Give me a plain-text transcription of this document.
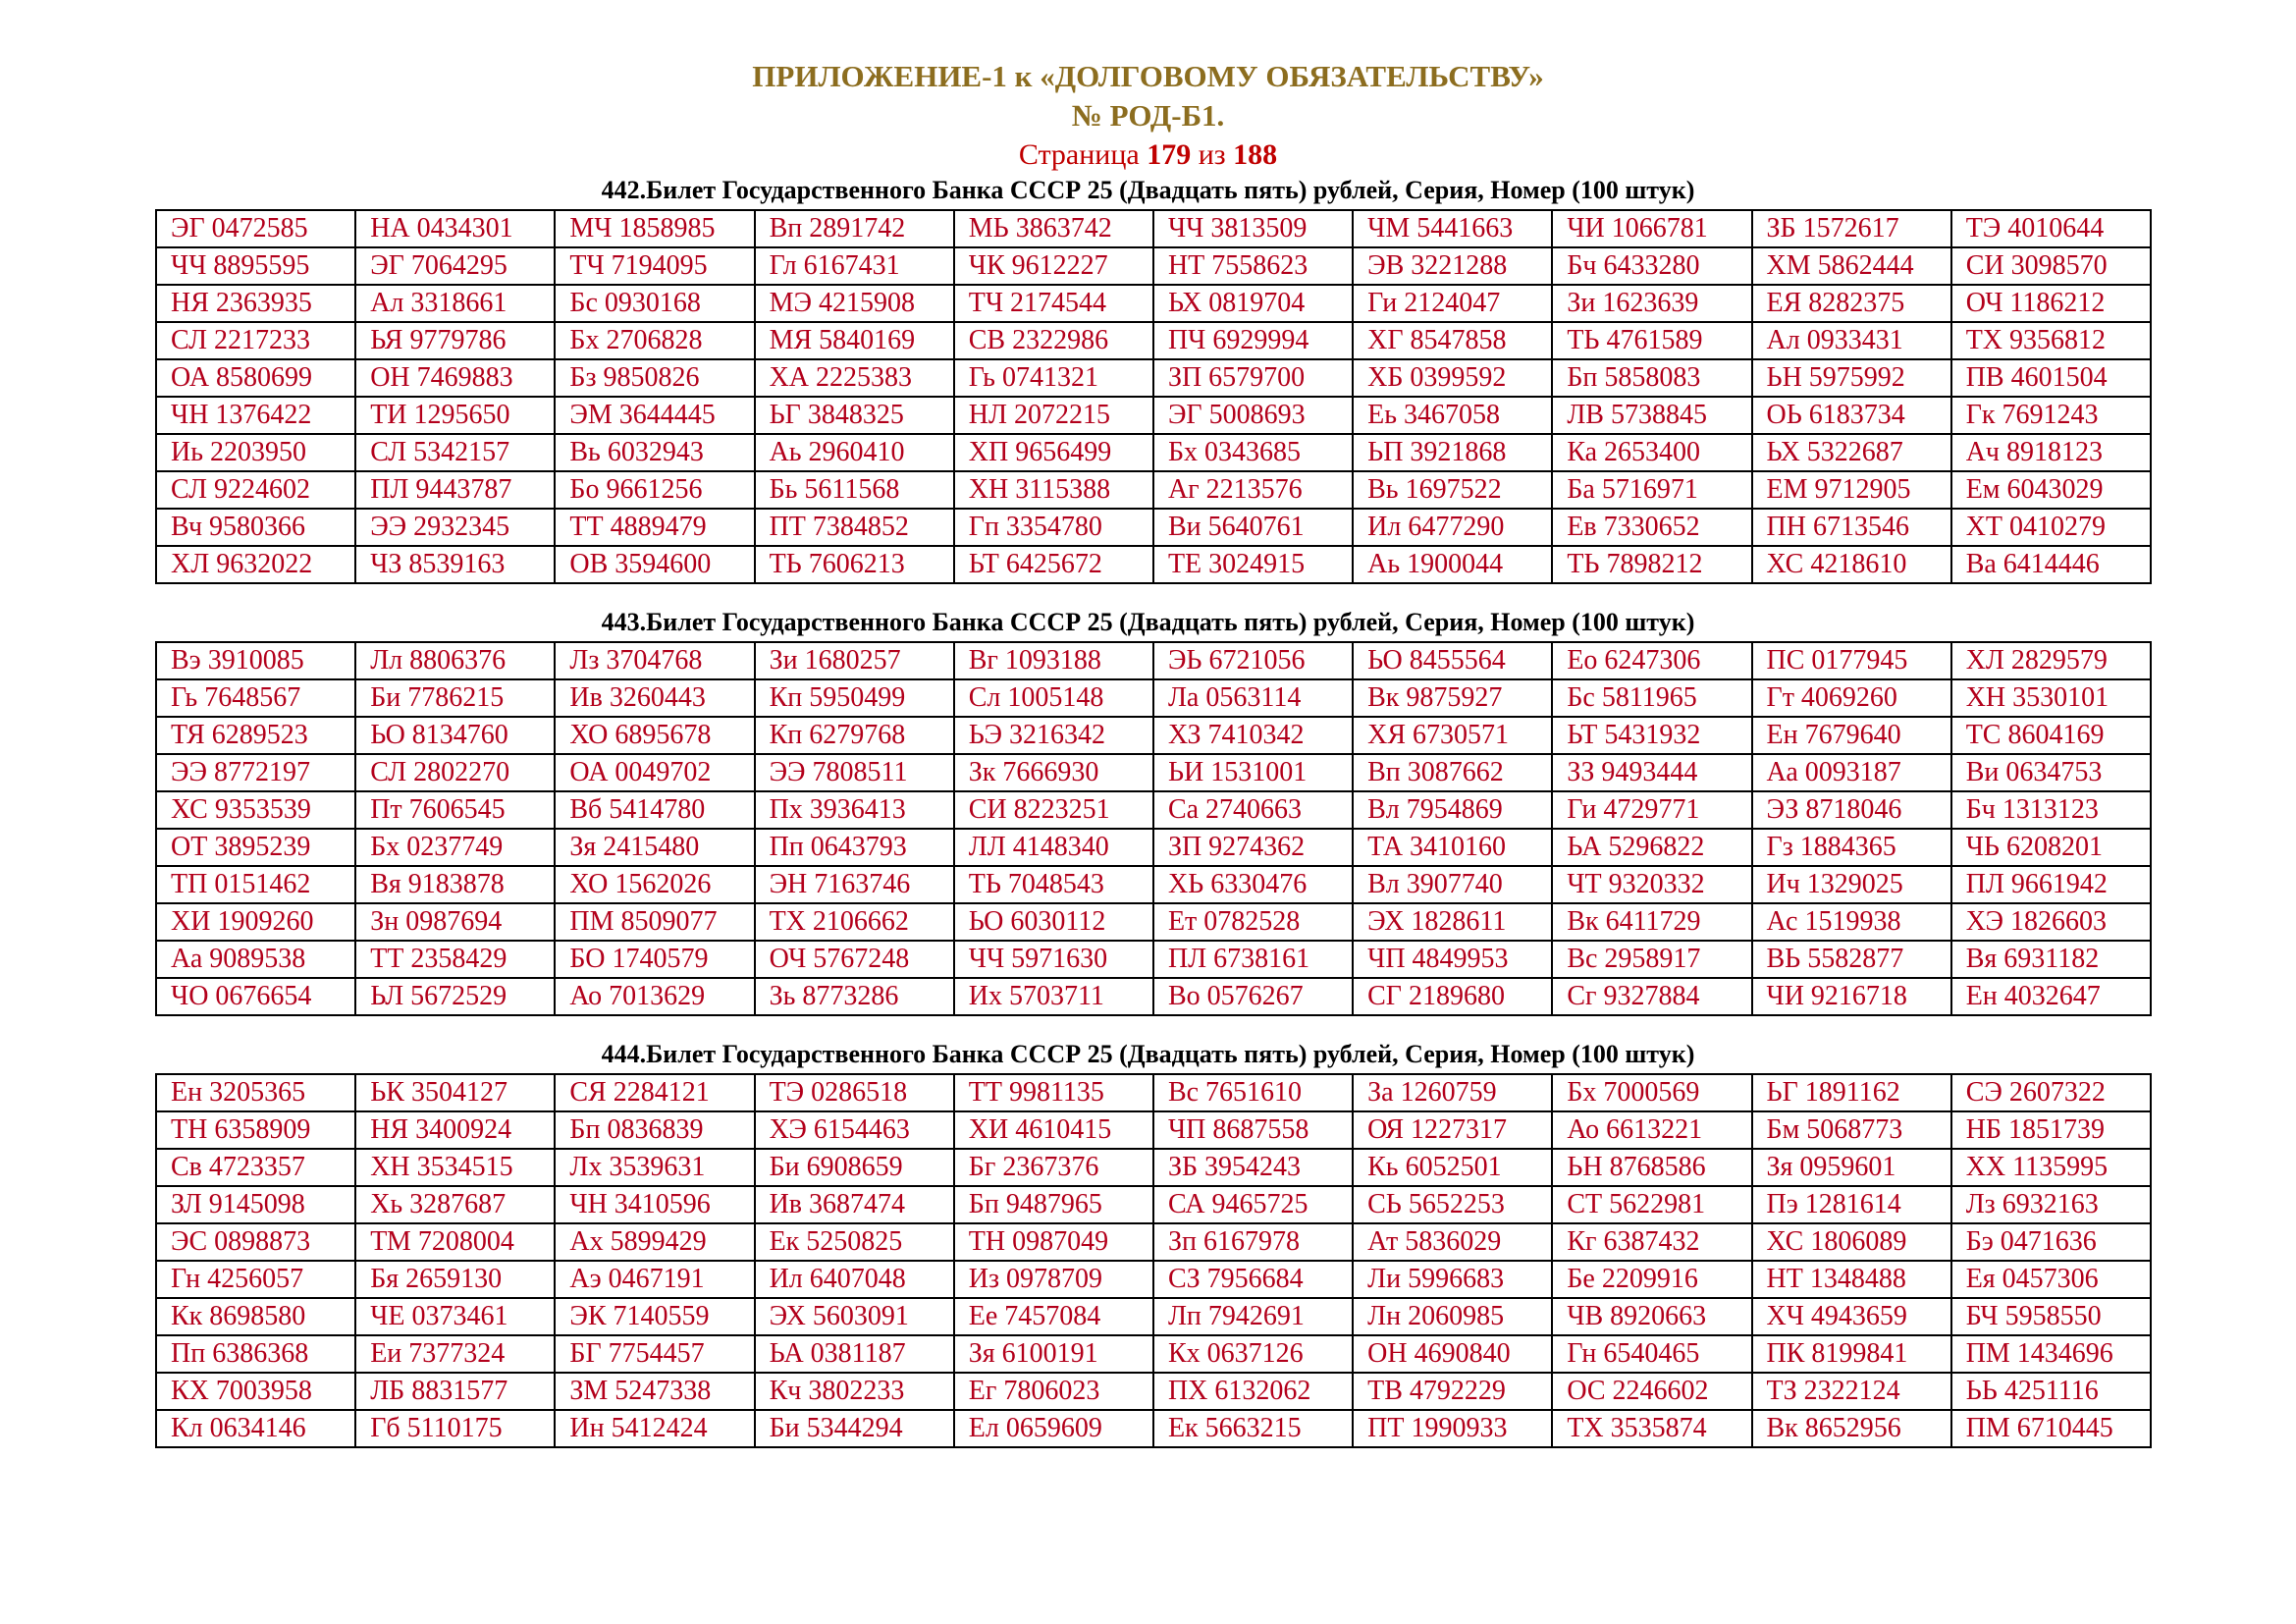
ПРИЛОЖЕНИЕ-1 к «ДОЛГОВОМУ ОБЯЗАТЕЛЬСТВУ»
№ РОД-Б1.
Страница 179 из 188
442.Билет Государственного Банка СССР 25 (Двадцать пять) рублей, Серия, Номер (100 штук)
ЭГ 0472585	НА 0434301	МЧ 1858985	Вп 2891742	МЬ 3863742	ЧЧ 3813509	ЧМ 5441663	ЧИ 1066781	ЗБ 1572617	ТЭ 4010644
ЧЧ 8895595	ЭГ 7064295	ТЧ 7194095	Гл 6167431	ЧК 9612227	НТ 7558623	ЭВ 3221288	Бч 6433280	ХМ 5862444	СИ 3098570
НЯ 2363935	Ал 3318661	Бс 0930168	МЭ 4215908	ТЧ 2174544	ЬХ 0819704	Ги 2124047	Зи 1623639	ЕЯ 8282375	ОЧ 1186212
СЛ 2217233	ЬЯ 9779786	Бх 2706828	МЯ 5840169	СВ 2322986	ПЧ 6929994	ХГ 8547858	ТЬ 4761589	Ал 0933431	ТХ 9356812
ОА 8580699	ОН 7469883	Бз 9850826	ХА 2225383	Гь 0741321	ЗП 6579700	ХБ 0399592	Бп 5858083	ЬН 5975992	ПВ 4601504
ЧН 1376422	ТИ 1295650	ЭМ 3644445	ЬГ 3848325	НЛ 2072215	ЭГ 5008693	Еь 3467058	ЛВ 5738845	ОЬ 6183734	Гк 7691243
Иь 2203950	СЛ 5342157	Вь 6032943	Аь 2960410	ХП 9656499	Бх 0343685	ЬП 3921868	Ка 2653400	ЬХ 5322687	Ач 8918123
СЛ 9224602	ПЛ 9443787	Бо 9661256	Бь 5611568	ХН 3115388	Аг 2213576	Вь 1697522	Ба 5716971	ЕМ 9712905	Ем 6043029
Вч 9580366	ЭЭ 2932345	ТТ 4889479	ПТ 7384852	Гп 3354780	Ви 5640761	Ил 6477290	Ев 7330652	ПН 6713546	ХТ 0410279
ХЛ 9632022	ЧЗ 8539163	ОВ 3594600	ТЬ 7606213	ЬТ 6425672	ТЕ 3024915	Аь 1900044	ТЬ 7898212	ХС 4218610	Ва 6414446
443.Билет Государственного Банка СССР 25 (Двадцать пять) рублей, Серия, Номер (100 штук)
Вэ 3910085	Лл 8806376	Лз 3704768	Зи 1680257	Вг 1093188	ЭЬ 6721056	ЬО 8455564	Ео 6247306	ПС 0177945	ХЛ 2829579
Гь 7648567	Би 7786215	Ив 3260443	Кп 5950499	Сл 1005148	Ла 0563114	Вк 9875927	Бс 5811965	Гт 4069260	ХН 3530101
ТЯ 6289523	ЬО 8134760	ХО 6895678	Кп 6279768	ЬЭ 3216342	ХЗ 7410342	ХЯ 6730571	ЬТ 5431932	Ен 7679640	ТС 8604169
ЭЭ 8772197	СЛ 2802270	ОА 0049702	ЭЭ 7808511	Зк 7666930	ЬИ 1531001	Вп 3087662	ЗЗ 9493444	Аа 0093187	Ви 0634753
ХС 9353539	Пт 7606545	Вб 5414780	Пх 3936413	СИ 8223251	Са 2740663	Вл 7954869	Ги 4729771	ЭЗ 8718046	Бч 1313123
ОТ 3895239	Бх 0237749	Зя 2415480	Пп 0643793	ЛЛ 4148340	ЗП 9274362	ТА 3410160	ЬА 5296822	Гз 1884365	ЧЬ 6208201
ТП 0151462	Вя 9183878	ХО 1562026	ЭН 7163746	ТЬ 7048543	ХЬ 6330476	Вл 3907740	ЧТ 9320332	Ич 1329025	ПЛ 9661942
ХИ 1909260	Зн 0987694	ПМ 8509077	ТХ 2106662	ЬО 6030112	Ет 0782528	ЭХ 1828611	Вк 6411729	Ас 1519938	ХЭ 1826603
Аа 9089538	ТТ 2358429	БО 1740579	ОЧ 5767248	ЧЧ 5971630	ПЛ 6738161	ЧП 4849953	Вс 2958917	ВЬ 5582877	Вя 6931182
ЧО 0676654	ЬЛ 5672529	Ао 7013629	Зь 8773286	Их 5703711	Во 0576267	СГ 2189680	Сг 9327884	ЧИ 9216718	Ен 4032647
444.Билет Государственного Банка СССР 25 (Двадцать пять) рублей, Серия, Номер (100 штук)
Ен 3205365	ЬК 3504127	СЯ 2284121	ТЭ 0286518	ТТ 9981135	Вс 7651610	За 1260759	Бх 7000569	ЬГ 1891162	СЭ 2607322
ТН 6358909	НЯ 3400924	Бп 0836839	ХЭ 6154463	ХИ 4610415	ЧП 8687558	ОЯ 1227317	Ао 6613221	Бм 5068773	НБ 1851739
Св 4723357	ХН 3534515	Лх 3539631	Би 6908659	Бг 2367376	ЗБ 3954243	Кь 6052501	ЬН 8768586	Зя 0959601	ХХ 1135995
ЗЛ 9145098	Хь 3287687	ЧН 3410596	Ив 3687474	Бп 9487965	СА 9465725	СЬ 5652253	СТ 5622981	Пэ 1281614	Лз 6932163
ЭС 0898873	ТМ 7208004	Ах 5899429	Ек 5250825	ТН 0987049	Зп 6167978	Ат 5836029	Кг 6387432	ХС 1806089	Бэ 0471636
Гн 4256057	Бя 2659130	Аэ 0467191	Ил 6407048	Из 0978709	СЗ 7956684	Ли 5996683	Бе 2209916	НТ 1348488	Ея 0457306
Кк 8698580	ЧЕ 0373461	ЭК 7140559	ЭХ 5603091	Ее 7457084	Лп 7942691	Лн 2060985	ЧВ 8920663	ХЧ 4943659	БЧ 5958550
Пп 6386368	Еи 7377324	БГ 7754457	ЬА 0381187	Зя 6100191	Кх 0637126	ОН 4690840	Гн 6540465	ПК 8199841	ПМ 1434696
КХ 7003958	ЛБ 8831577	ЗМ 5247338	Кч 3802233	Ег 7806023	ПХ 6132062	ТВ 4792229	ОС 2246602	ТЗ 2322124	ЬЬ 4251116
Кл 0634146	Гб 5110175	Ин 5412424	Би 5344294	Ел 0659609	Ек 5663215	ПТ 1990933	ТХ 3535874	Вк 8652956	ПМ 6710445
